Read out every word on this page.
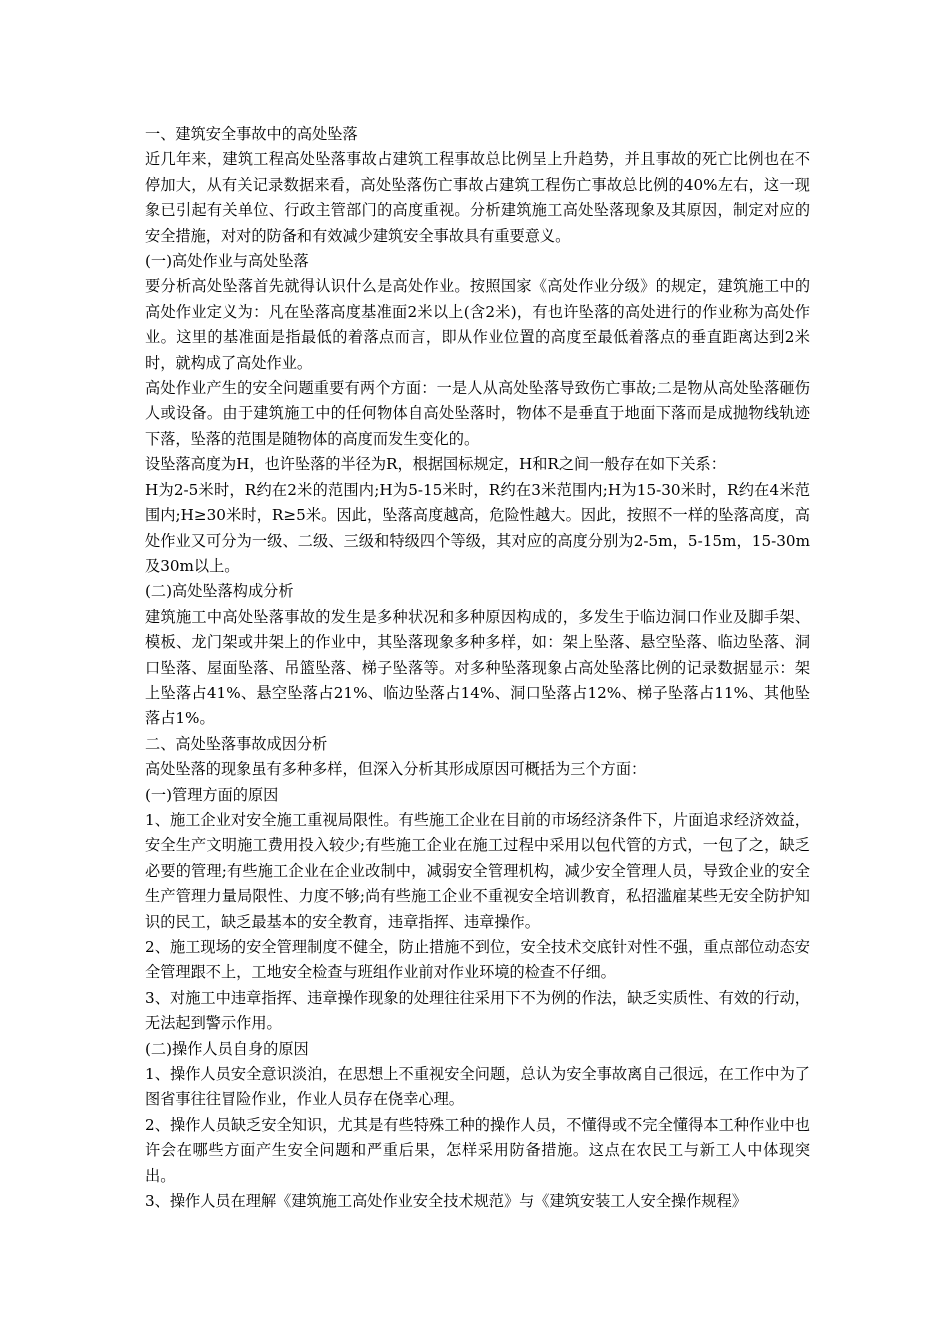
一、建筑安全事故中的高处坠落

近几年来，建筑工程高处坠落事故占建筑工程事故总比例呈上升趋势，并且事故的死亡比例也在不停加大，从有关记录数据来看，高处坠落伤亡事故占建筑工程伤亡事故总比例的40%左右，这一现象已引起有关单位、行政主管部门的高度重视。分析建筑施工高处坠落现象及其原因，制定对应的安全措施，对对的防备和有效减少建筑安全事故具有重要意义。

(一)高处作业与高处坠落

要分析高处坠落首先就得认识什么是高处作业。按照国家《高处作业分级》的规定，建筑施工中的高处作业定义为：凡在坠落高度基准面2米以上(含2米)，有也许坠落的高处进行的作业称为高处作业。这里的基准面是指最低的着落点而言，即从作业位置的高度至最低着落点的垂直距离达到2米时，就构成了高处作业。

高处作业产生的安全问题重要有两个方面：一是人从高处坠落导致伤亡事故;二是物从高处坠落砸伤人或设备。由于建筑施工中的任何物体自高处坠落时，物体不是垂直于地面下落而是成抛物线轨迹下落，坠落的范围是随物体的高度而发生变化的。

设坠落高度为H，也许坠落的半径为R，根据国标规定，H和R之间一般存在如下关系：

H为2-5米时，R约在2米的范围内;H为5-15米时，R约在3米范围内;H为15-30米时，R约在4米范围内;H≥30米时，R≥5米。因此，坠落高度越高，危险性越大。因此，按照不一样的坠落高度，高处作业又可分为一级、二级、三级和特级四个等级，其对应的高度分别为2-5m，5-15m，15-30m及30m以上。

(二)高处坠落构成分析

建筑施工中高处坠落事故的发生是多种状况和多种原因构成的，多发生于临边洞口作业及脚手架、模板、龙门架或井架上的作业中，其坠落现象多种多样，如：架上坠落、悬空坠落、临边坠落、洞口坠落、屋面坠落、吊篮坠落、梯子坠落等。对多种坠落现象占高处坠落比例的记录数据显示：架上坠落占41%、悬空坠落占21%、临边坠落占14%、洞口坠落占12%、梯子坠落占11%、其他坠落占1%。

二、高处坠落事故成因分析

高处坠落的现象虽有多种多样，但深入分析其形成原因可概括为三个方面：

(一)管理方面的原因

1、施工企业对安全施工重视局限性。有些施工企业在目前的市场经济条件下，片面追求经济效益，安全生产文明施工费用投入较少;有些施工企业在施工过程中采用以包代管的方式，一包了之，缺乏必要的管理;有些施工企业在企业改制中，减弱安全管理机构，减少安全管理人员，导致企业的安全生产管理力量局限性、力度不够;尚有些施工企业不重视安全培训教育，私招滥雇某些无安全防护知识的民工，缺乏最基本的安全教育，违章指挥、违章操作。

2、施工现场的安全管理制度不健全，防止措施不到位，安全技术交底针对性不强，重点部位动态安全管理跟不上，工地安全检查与班组作业前对作业环境的检查不仔细。

3、对施工中违章指挥、违章操作现象的处理往往采用下不为例的作法，缺乏实质性、有效的行动，无法起到警示作用。

(二)操作人员自身的原因

1、操作人员安全意识淡泊，在思想上不重视安全问题，总认为安全事故离自己很远，在工作中为了图省事往往冒险作业，作业人员存在侥幸心理。

2、操作人员缺乏安全知识，尤其是有些特殊工种的操作人员，不懂得或不完全懂得本工种作业中也许会在哪些方面产生安全问题和严重后果，怎样采用防备措施。这点在农民工与新工人中体现突出。

3、操作人员在理解《建筑施工高处作业安全技术规范》与《建筑安装工人安全操作规程》
